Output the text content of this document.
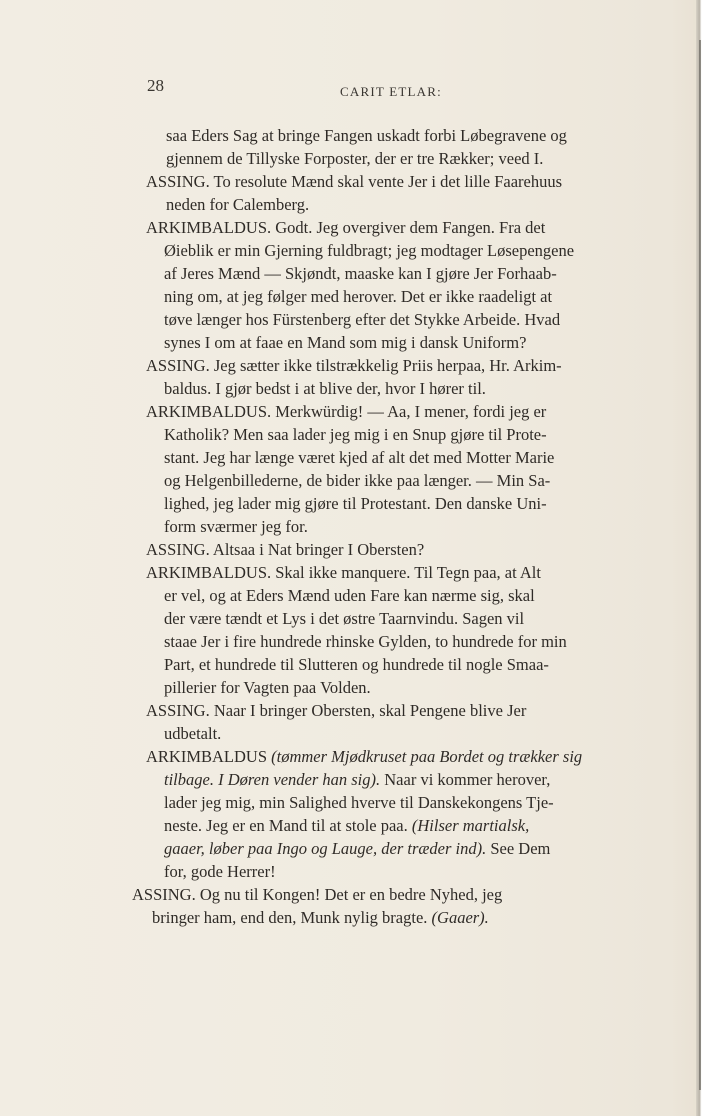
28	CARIT ETLAR:
saa Eders Sag at bringe Fangen uskadt forbi Løbegravene og
gjennem de Tillyske Forposter, der er tre Rækker; veed I.
ASSING. To resolute Mænd skal vente Jer i det lille Faarehuus
neden for Calemberg.
ARKIMBALDUS. Godt. Jeg overgiver dem Fangen. Fra det
Øieblik er min Gjerning fuldbragt; jeg modtager Løsepengene
af Jeres Mænd — Skjøndt, maaske kan I gjøre Jer Forhaab-
ning om, at jeg følger med herover. Det er ikke raadeligt at
tøve længer hos Fürstenberg efter det Stykke Arbeide. Hvad
synes I om at faae en Mand som mig i dansk Uniform?
ASSING. Jeg sætter ikke tilstrækkelig Priis herpaa, Hr. Arkim-
baldus. I gjør bedst i at blive der, hvor I hører til.
ARKIMBALDUS. Merkwürdig! — Aa, I mener, fordi jeg er
Katholik? Men saa lader jeg mig i en Snup gjøre til Prote-
stant. Jeg har længe været kjed af alt det med Motter Marie
og Helgenbillederne, de bider ikke paa længer. — Min Sa-
lighed, jeg lader mig gjøre til Protestant. Den danske Uni-
form sværmer jeg for.
ASSING. Altsaa i Nat bringer I Obersten?
ARKIMBALDUS. Skal ikke manquere. Til Tegn paa, at Alt
er vel, og at Eders Mænd uden Fare kan nærme sig, skal
der være tændt et Lys i det østre Taarnvindu. Sagen vil
staae Jer i fire hundrede rhinske Gylden, to hundrede for min
Part, et hundrede til Slutteren og hundrede til nogle Smaa-
pillerier for Vagten paa Volden.
ASSING. Naar I bringer Obersten, skal Pengene blive Jer
udbetalt.
ARKIMBALDUS (tømmer Mjødkruset paa Bordet og trækker sig
tilbage. I Døren vender han sig). Naar vi kommer herover,
lader jeg mig, min Salighed hverve til Danskekongens Tje-
neste. Jeg er en Mand til at stole paa. (Hilser martialsk,
gaaer, løber paa Ingo og Lauge, der træder ind). See Dem
for, gode Herrer!
ASSING. Og nu til Kongen! Det er en bedre Nyhed, jeg
bringer ham, end den, Munk nylig bragte. (Gaaer).
